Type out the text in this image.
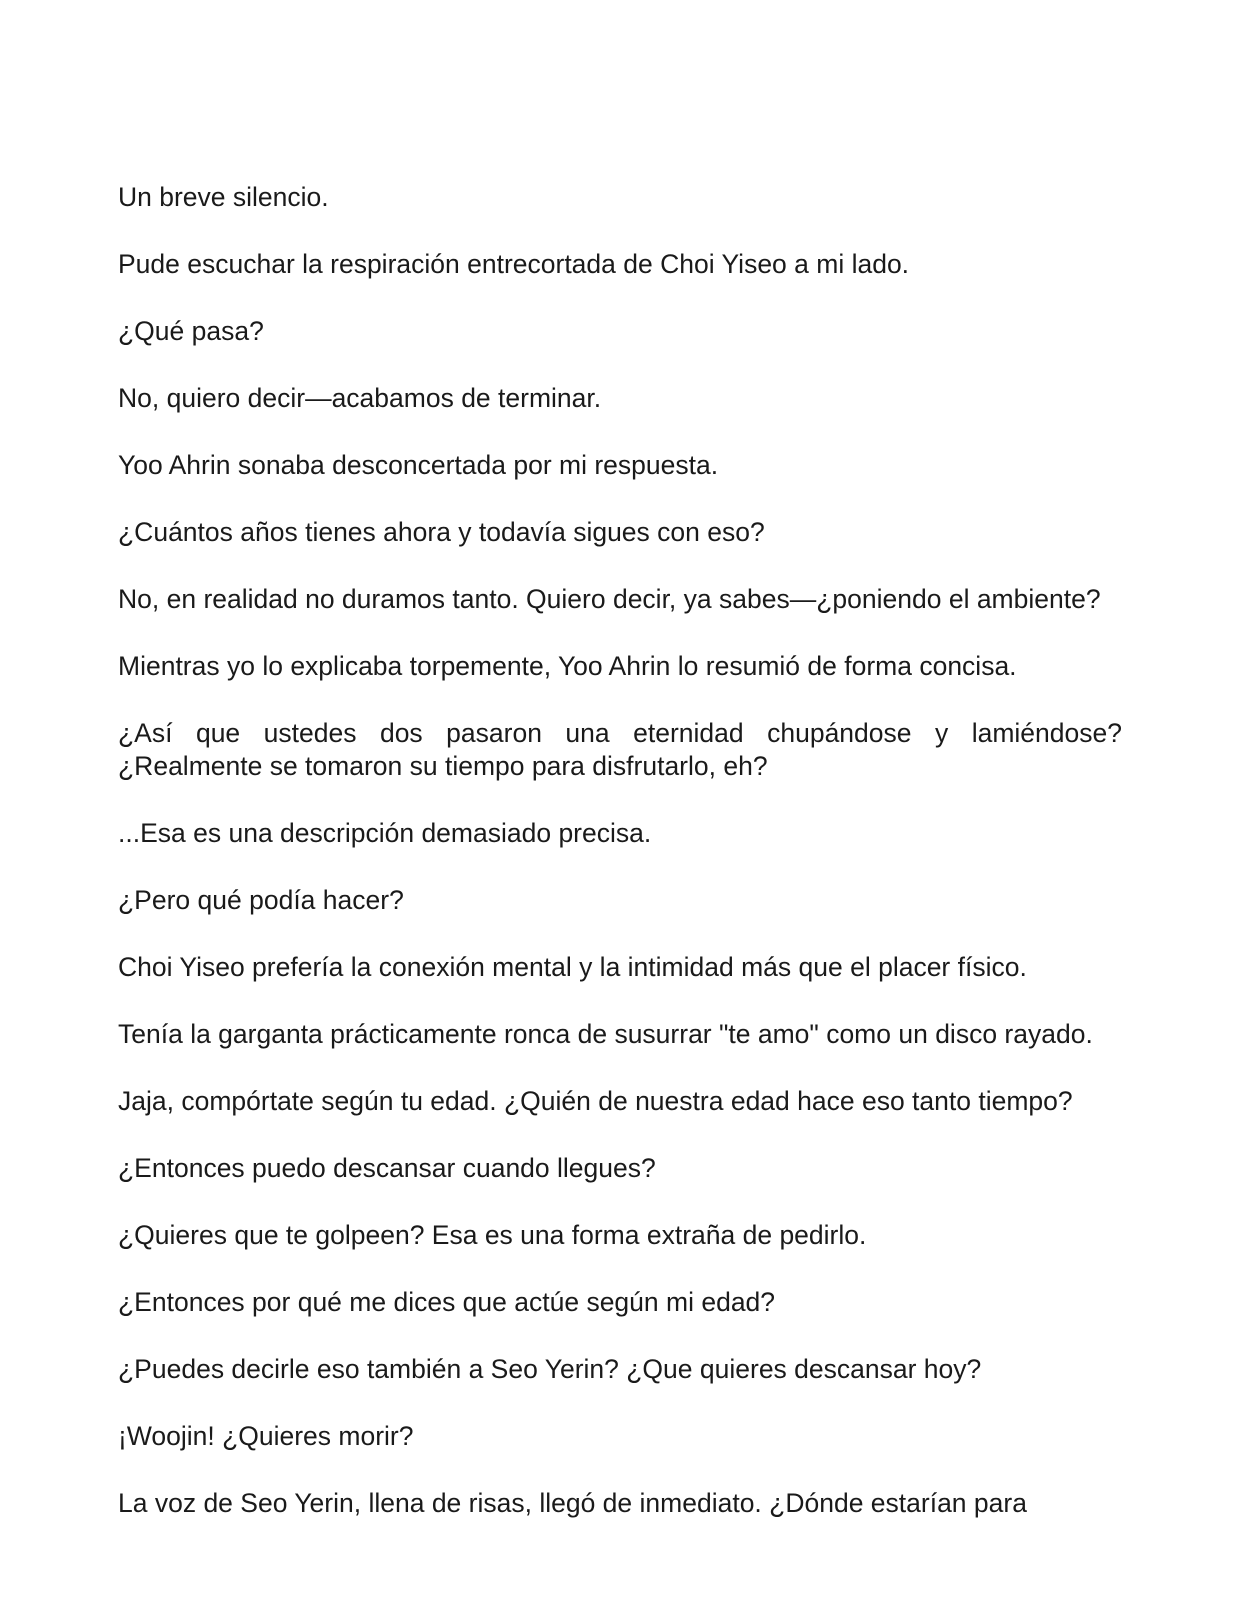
Un breve silencio.

Pude escuchar la respiración entrecortada de Choi Yiseo a mi lado.

¿Qué pasa?

No, quiero decir—acabamos de terminar.

Yoo Ahrin sonaba desconcertada por mi respuesta.

¿Cuántos años tienes ahora y todavía sigues con eso?

No, en realidad no duramos tanto. Quiero decir, ya sabes—¿poniendo el ambiente?

Mientras yo lo explicaba torpemente, Yoo Ahrin lo resumió de forma concisa.

¿Así que ustedes dos pasaron una eternidad chupándose y lamiéndose? ¿Realmente se tomaron su tiempo para disfrutarlo, eh?

...Esa es una descripción demasiado precisa.

¿Pero qué podía hacer?

Choi Yiseo prefería la conexión mental y la intimidad más que el placer físico.

Tenía la garganta prácticamente ronca de susurrar "te amo" como un disco rayado.

Jaja, compórtate según tu edad. ¿Quién de nuestra edad hace eso tanto tiempo?

¿Entonces puedo descansar cuando llegues?

¿Quieres que te golpeen? Esa es una forma extraña de pedirlo.

¿Entonces por qué me dices que actúe según mi edad?

¿Puedes decirle eso también a Seo Yerin? ¿Que quieres descansar hoy?

¡Woojin! ¿Quieres morir?

La voz de Seo Yerin, llena de risas, llegó de inmediato. ¿Dónde estarían para
